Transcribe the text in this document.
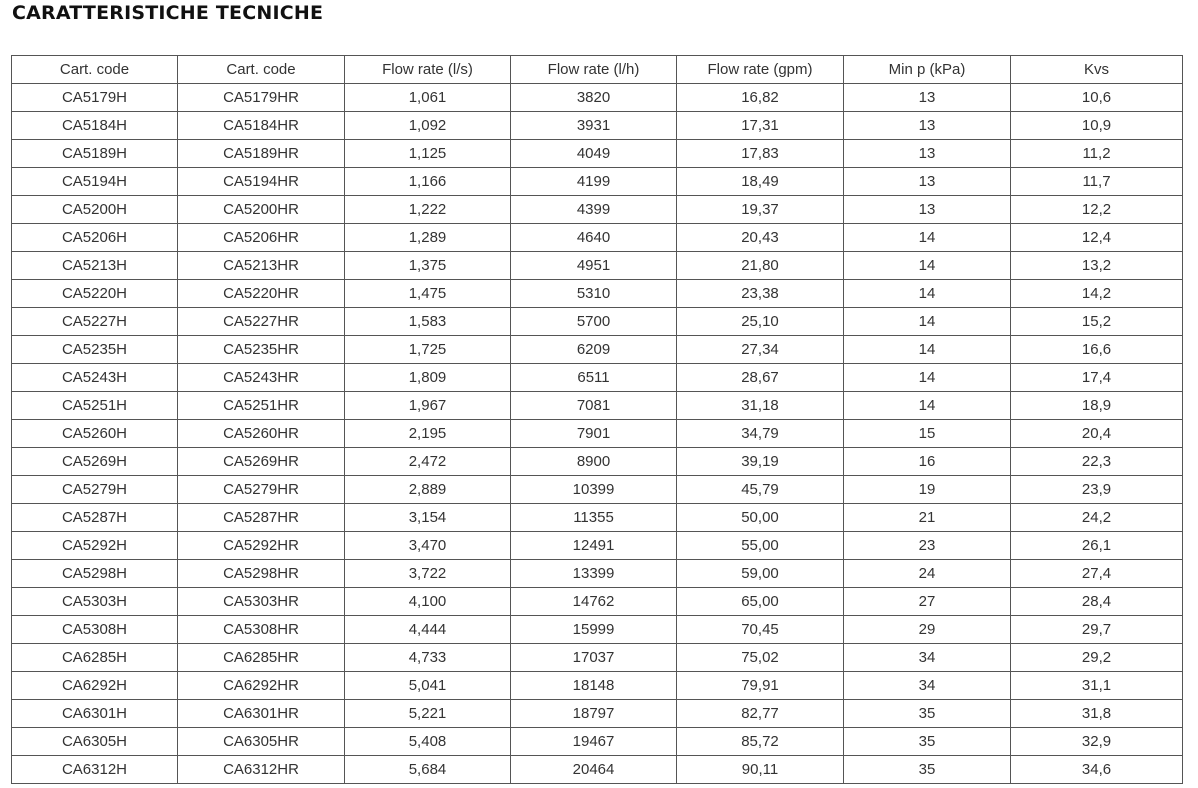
CARATTERISTICHE TECNICHE
Cart. code	Cart. code	Flow rate (l/s)	Flow rate (l/h)	Flow rate (gpm)	Min p (kPa)	Kvs
CA5179H	CA5179HR	1,061	3820	16,82	13	10,6
CA5184H	CA5184HR	1,092	3931	17,31	13	10,9
CA5189H	CA5189HR	1,125	4049	17,83	13	11,2
CA5194H	CA5194HR	1,166	4199	18,49	13	11,7
CA5200H	CA5200HR	1,222	4399	19,37	13	12,2
CA5206H	CA5206HR	1,289	4640	20,43	14	12,4
CA5213H	CA5213HR	1,375	4951	21,80	14	13,2
CA5220H	CA5220HR	1,475	5310	23,38	14	14,2
CA5227H	CA5227HR	1,583	5700	25,10	14	15,2
CA5235H	CA5235HR	1,725	6209	27,34	14	16,6
CA5243H	CA5243HR	1,809	6511	28,67	14	17,4
CA5251H	CA5251HR	1,967	7081	31,18	14	18,9
CA5260H	CA5260HR	2,195	7901	34,79	15	20,4
CA5269H	CA5269HR	2,472	8900	39,19	16	22,3
CA5279H	CA5279HR	2,889	10399	45,79	19	23,9
CA5287H	CA5287HR	3,154	11355	50,00	21	24,2
CA5292H	CA5292HR	3,470	12491	55,00	23	26,1
CA5298H	CA5298HR	3,722	13399	59,00	24	27,4
CA5303H	CA5303HR	4,100	14762	65,00	27	28,4
CA5308H	CA5308HR	4,444	15999	70,45	29	29,7
CA6285H	CA6285HR	4,733	17037	75,02	34	29,2
CA6292H	CA6292HR	5,041	18148	79,91	34	31,1
CA6301H	CA6301HR	5,221	18797	82,77	35	31,8
CA6305H	CA6305HR	5,408	19467	85,72	35	32,9
CA6312H	CA6312HR	5,684	20464	90,11	35	34,6
